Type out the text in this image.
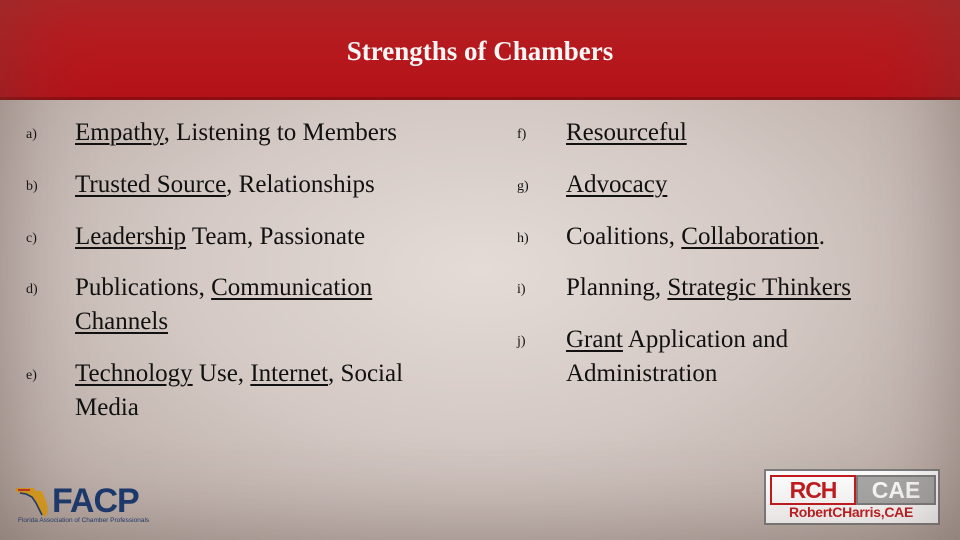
Strengths of Chambers
a) Empathy, Listening to Members
b) Trusted Source, Relationships
c) Leadership Team, Passionate
d) Publications, Communication Channels
e) Technology Use, Internet, Social Media
f) Resourceful
g) Advocacy
h) Coalitions, Collaboration.
i) Planning, Strategic Thinkers
j) Grant Application and Administration
FACP
Florida Association of Chamber Professionals
RCH	CAE
RobertCHarris,CAE
